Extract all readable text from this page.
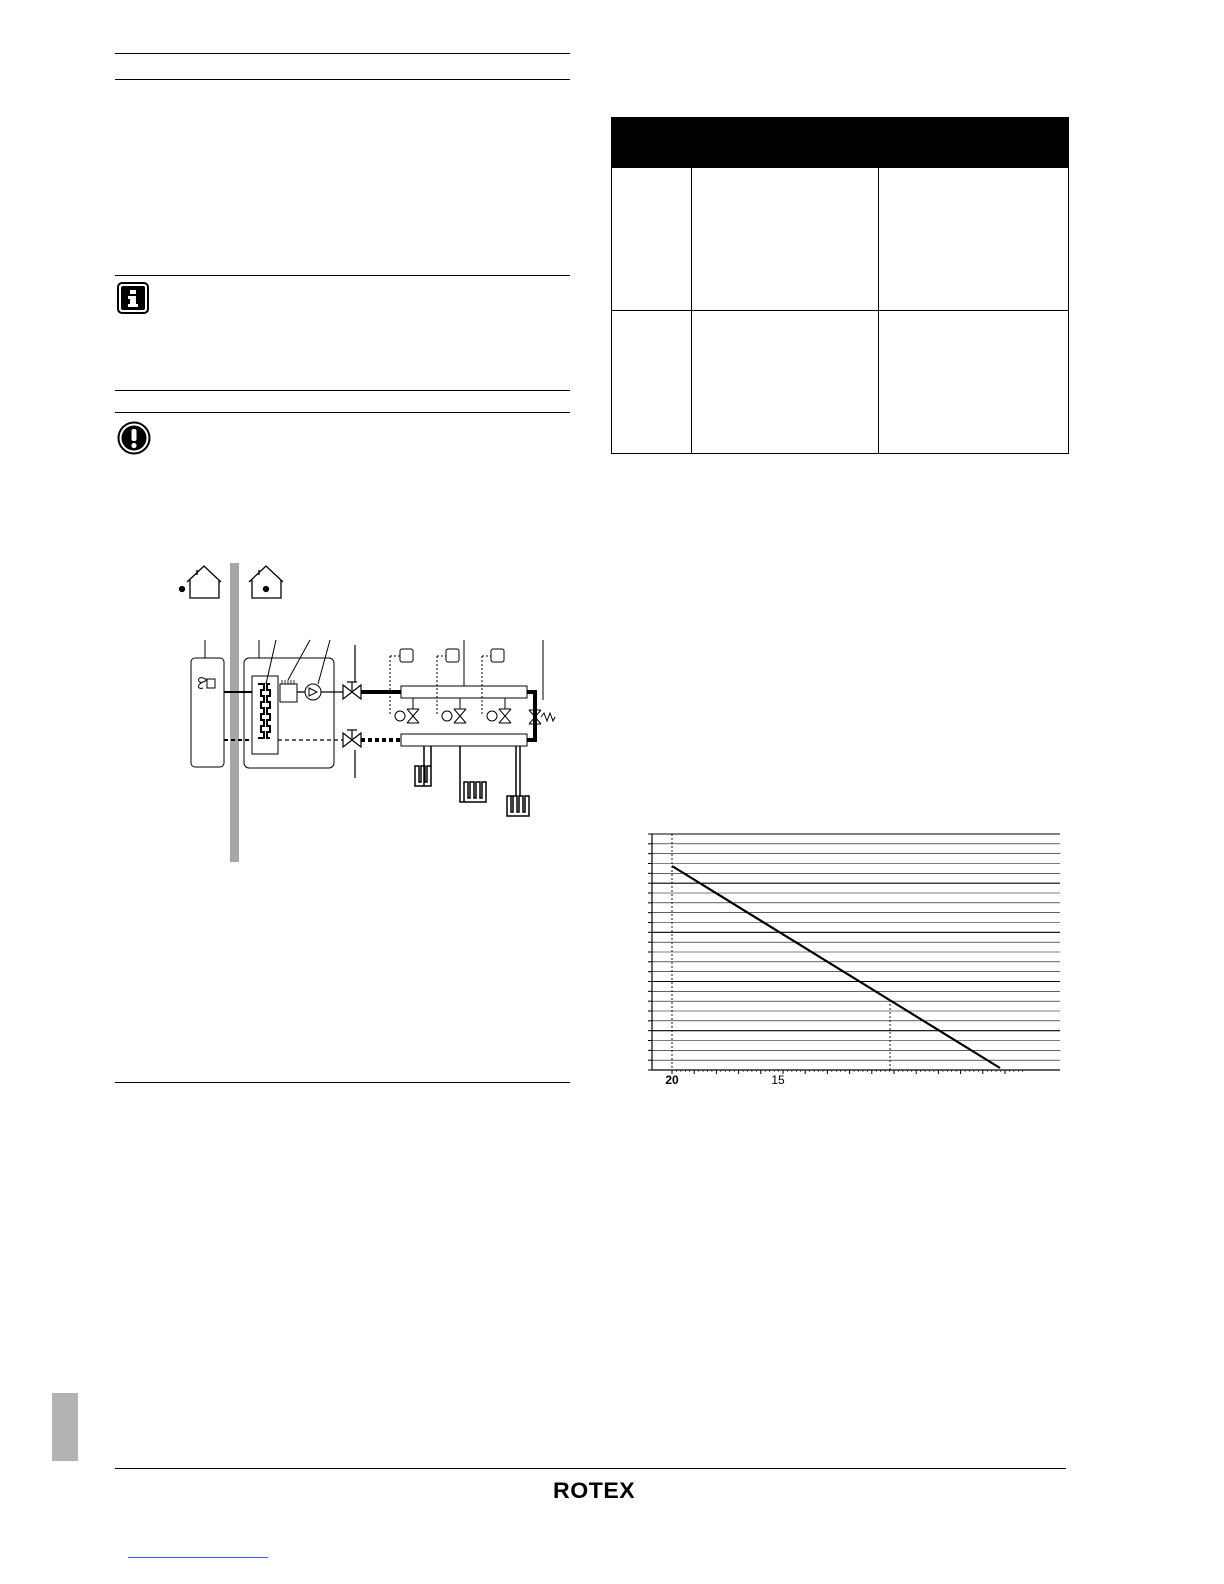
20	15
ROTEX
